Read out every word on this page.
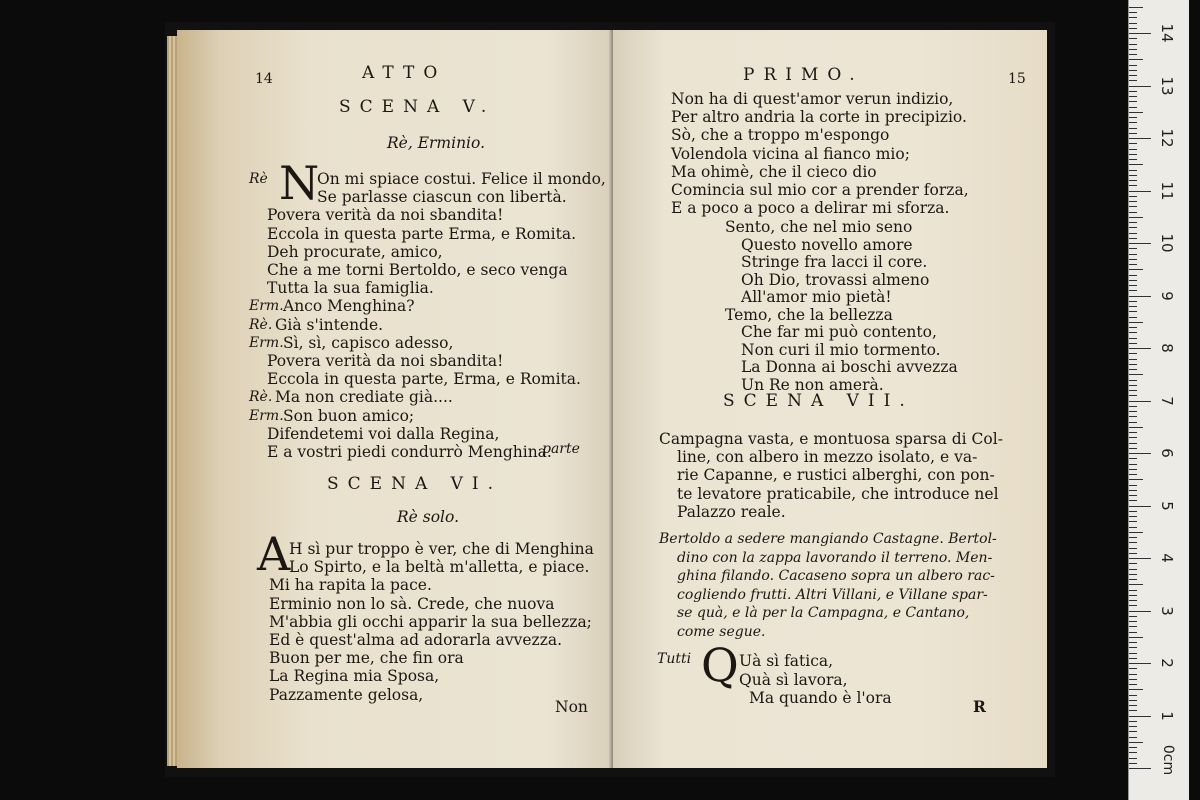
14	ATTO
SCENA V.
Rè, Erminio.
N
Rè	On mi spiace costui. Felice il mondo,
Se parlasse ciascun con libertà.
Povera verità da noi sbandita!
Eccola in questa parte Erma, e Romita.
Deh procurate, amico,
Che a me torni Bertoldo, e seco venga
Tutta la sua famiglia.
Erm. Anco Menghina?
Rè. Già s'intende.
Erm. Sì, sì, capisco adesso,
Povera verità da noi sbandita!
Eccola in questa parte, Erma, e Romita.
Rè. Ma non crediate già....
Erm. Son buon amico;
Difendetemi voi dalla Regina,
E a vostri piedi condurrò Menghina.
parte
SCENA VI.
Rè solo.
A
H sì pur troppo è ver, che di Menghina
Lo Spirto, e la beltà m'alletta, e piace.
Mi ha rapita la pace.
Erminio non lo sà. Crede, che nuova
M'abbia gli occhi apparir la sua bellezza;
Ed è quest'alma ad adorarla avvezza.
Buon per me, che fin ora
La Regina mia Sposa,
Pazzamente gelosa,
Non
PRIMO.	15
Non ha di quest'amor verun indizio,
Per altro andria la corte in precipizio.
Sò, che a troppo m'espongo
Volendola vicina al fianco mio;
Ma ohimè, che il cieco dio
Comincia sul mio cor a prender forza,
E a poco a poco a delirar mi sforza.
Sento, che nel mio seno
Questo novello amore
Stringe fra lacci il core.
Oh Dio, trovassi almeno
All'amor mio pietà!
Temo, che la bellezza
Che far mi può contento,
Non curi il mio tormento.
La Donna ai boschi avvezza
Un Re non amerà.
SCENA VII.
Campagna vasta, e montuosa sparsa di Col-
line, con albero in mezzo isolato, e va-
rie Capanne, e rustici alberghi, con pon-
te levatore praticabile, che introduce nel
Palazzo reale.
Bertoldo a sedere mangiando Castagne. Bertol-
dino con la zappa lavorando il terreno. Men-
ghina filando. Cacaseno sopra un albero rac-
cogliendo frutti. Altri Villani, e Villane spar-
se quà, e là per la Campagna, e Cantano,
come segue.
Tutti Q Uà sì fatica,
Quà sì lavora,
Ma quando è l'ora	R
0cm
1
2
3
4
5
6
7
8
9
10
11
12
13
14
